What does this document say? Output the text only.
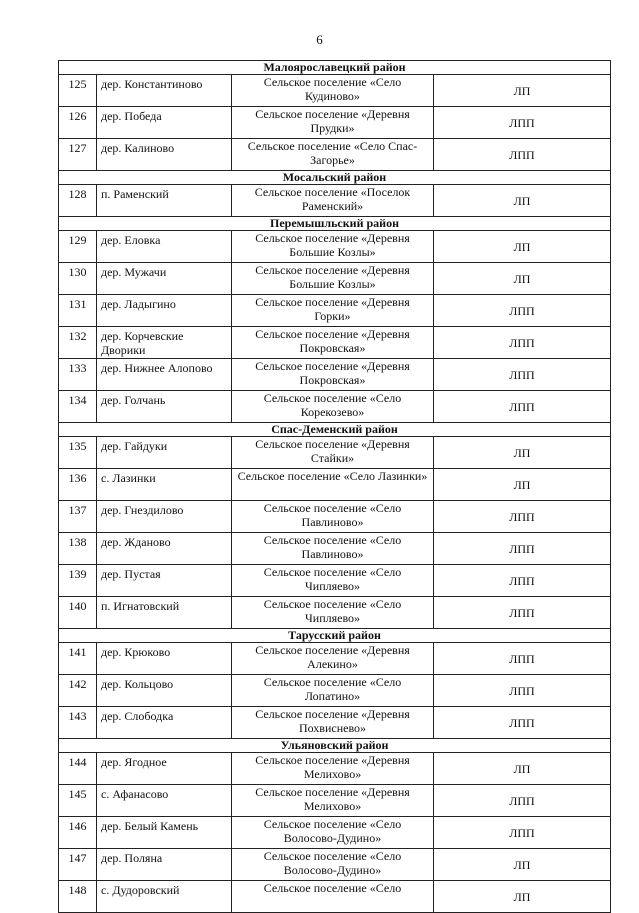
6
Малоярославецкий район			
125	дер. Константиново	Сельское поселение «Село Кудиново»	ЛП
126	дер. Победа	Сельское поселение «Деревня Прудки»	ЛПП
127	дер. Калиново	Сельское поселение «Село Спас-Загорье»	ЛПП
Мосальский район			
128	п. Раменский	Сельское поселение «Поселок Раменский»	ЛП
Перемышльский район			
129	дер. Еловка	Сельское поселение «Деревня Большие Козлы»	ЛП
130	дер. Мужачи	Сельское поселение «Деревня Большие Козлы»	ЛП
131	дер. Ладыгино	Сельское поселение «Деревня Горки»	ЛПП
132	дер. Корчевские Дворики	Сельское поселение «Деревня Покровская»	ЛПП
133	дер. Нижнее Алопово	Сельское поселение «Деревня Покровская»	ЛПП
134	дер. Голчань	Сельское поселение «Село Корекозево»	ЛПП
Спас-Деменский район			
135	дер. Гайдуки	Сельское поселение «Деревня Стайки»	ЛП
136	с. Лазинки	Сельское поселение «Село Лазинки»	ЛП
137	дер. Гнездилово	Сельское поселение «Село Павлиново»	ЛПП
138	дер. Жданово	Сельское поселение «Село Павлиново»	ЛПП
139	дер. Пустая	Сельское поселение «Село Чипляево»	ЛПП
140	п. Игнатовский	Сельское поселение «Село Чипляево»	ЛПП
Тарусский район			
141	дер. Крюково	Сельское поселение «Деревня Алекино»	ЛПП
142	дер. Кольцово	Сельское поселение «Село Лопатино»	ЛПП
143	дер. Слободка	Сельское поселение «Деревня Похвиснево»	ЛПП
Ульяновский район			
144	дер. Ягодное	Сельское поселение «Деревня Мелихово»	ЛП
145	с. Афанасово	Сельское поселение «Деревня Мелихово»	ЛПП
146	дер. Белый Камень	Сельское поселение «Село Волосово-Дудино»	ЛПП
147	дер. Поляна	Сельское поселение «Село Волосово-Дудино»	ЛП
148	с. Дудоровский	Сельское поселение «Село	ЛП
